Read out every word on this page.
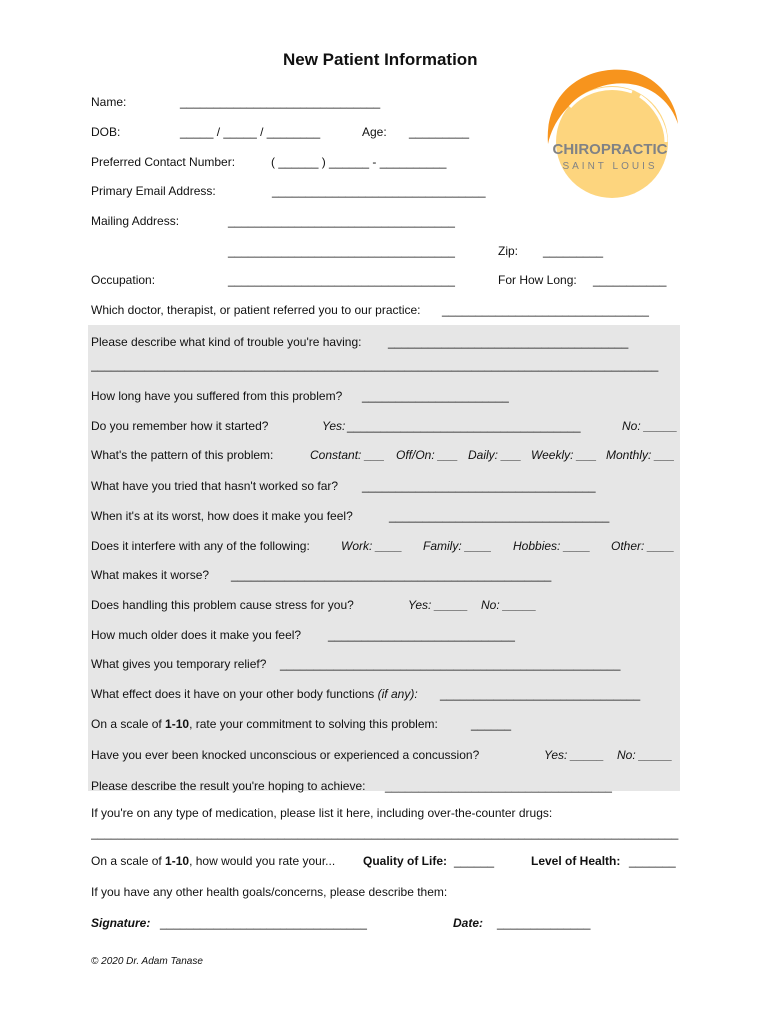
New Patient Information
CHIROPRACTIC
SAINT LOUIS
Name:	______________________________
DOB:	_____ / _____ / ________	Age: _________
Preferred Contact Number:	( ______ ) ______ - __________
Primary Email Address:	________________________________
Mailing Address:	__________________________________
__________________________________	Zip: _________
Occupation:	__________________________________	For How Long: ___________
Which doctor, therapist, or patient referred you to our practice: _______________________________
Please describe what kind of trouble you're having: ____________________________________
_____________________________________________________________________________________
How long have you suffered from this problem? ______________________
Do you remember how it started?	Yes: ___________________________________	No: _____
What's the pattern of this problem:	Constant: ___ Off/On: ___ Daily: ___ Weekly: ___ Monthly: ___
What have you tried that hasn't worked so far? ___________________________________
When it's at its worst, how does it make you feel?	_________________________________
Does it interfere with any of the following:	Work: ____ Family: ____ Hobbies: ____ Other: ____
What makes it worse? ________________________________________________
Does handling this problem cause stress for you?	Yes: _____ No: _____
How much older does it make you feel? ____________________________
What gives you temporary relief? ___________________________________________________
What effect does it have on your other body functions (if any): ______________________________
On a scale of 1-10, rate your commitment to solving this problem:	______
Have you ever been knocked unconscious or experienced a concussion?	Yes: _____ No: _____
Please describe the result you're hoping to achieve: __________________________________
If you're on any type of medication, please list it here, including over-the-counter drugs:
________________________________________________________________________________________
On a scale of 1-10, how would you rate your... Quality of Life: ______	Level of Health: _______
If you have any other health goals/concerns, please describe them:
Signature: _______________________________	Date: ______________
© 2020 Dr. Adam Tanase
